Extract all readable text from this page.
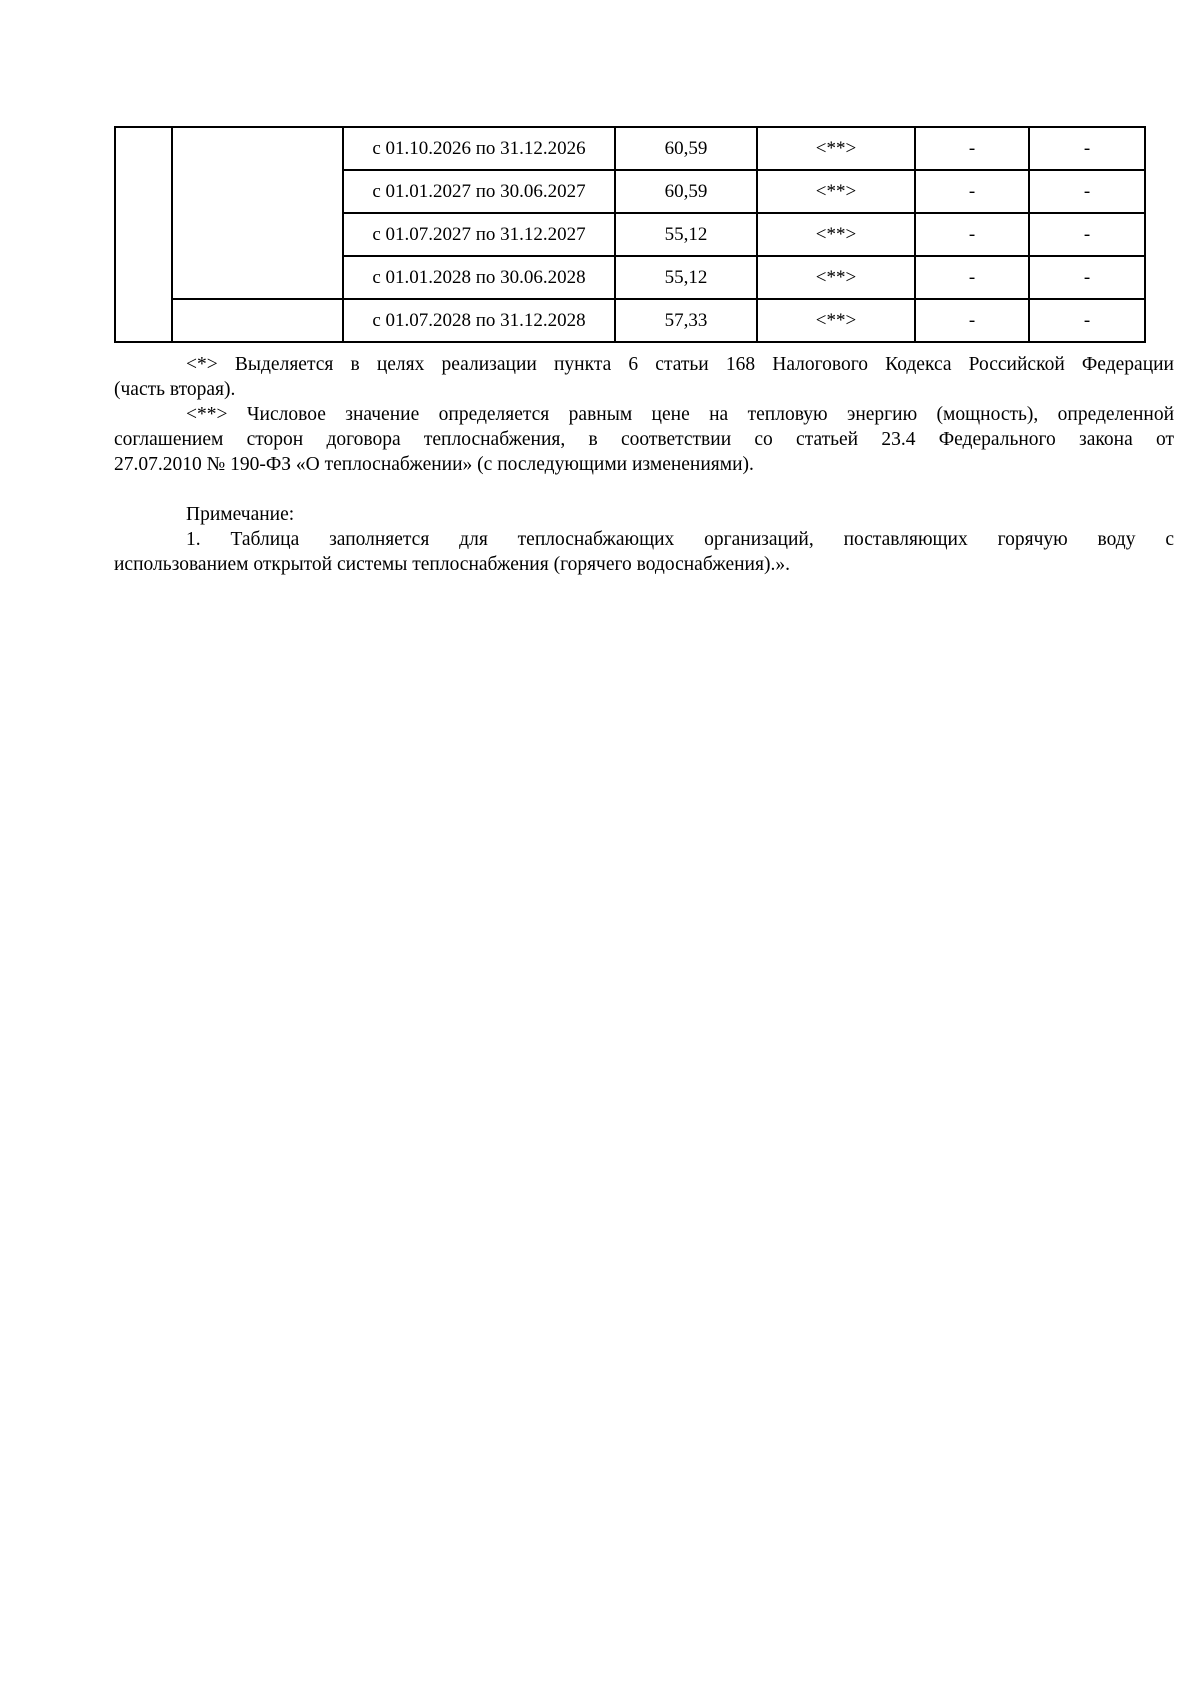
		с 01.10.2026 по 31.12.2026	60,59	<**>	-	-
		с 01.01.2027 по 30.06.2027	60,59	<**>	-	-
		с 01.07.2027 по 31.12.2027	55,12	<**>	-	-
		с 01.01.2028 по 30.06.2028	55,12	<**>	-	-
		с 01.07.2028 по 31.12.2028	57,33	<**>	-	-

<*> Выделяется в целях реализации пункта 6 статьи 168 Налогового Кодекса Российской Федерации

(часть вторая).

<**> Числовое значение определяется равным цене на тепловую энергию (мощность), определенной

соглашением сторон договора теплоснабжения, в соответствии со статьей 23.4 Федерального закона от

27.07.2010 № 190-ФЗ «О теплоснабжении» (с последующими изменениями).

Примечание:

1. Таблица заполняется для теплоснабжающих организаций, поставляющих горячую воду с

использованием открытой системы теплоснабжения (горячего водоснабжения).».
